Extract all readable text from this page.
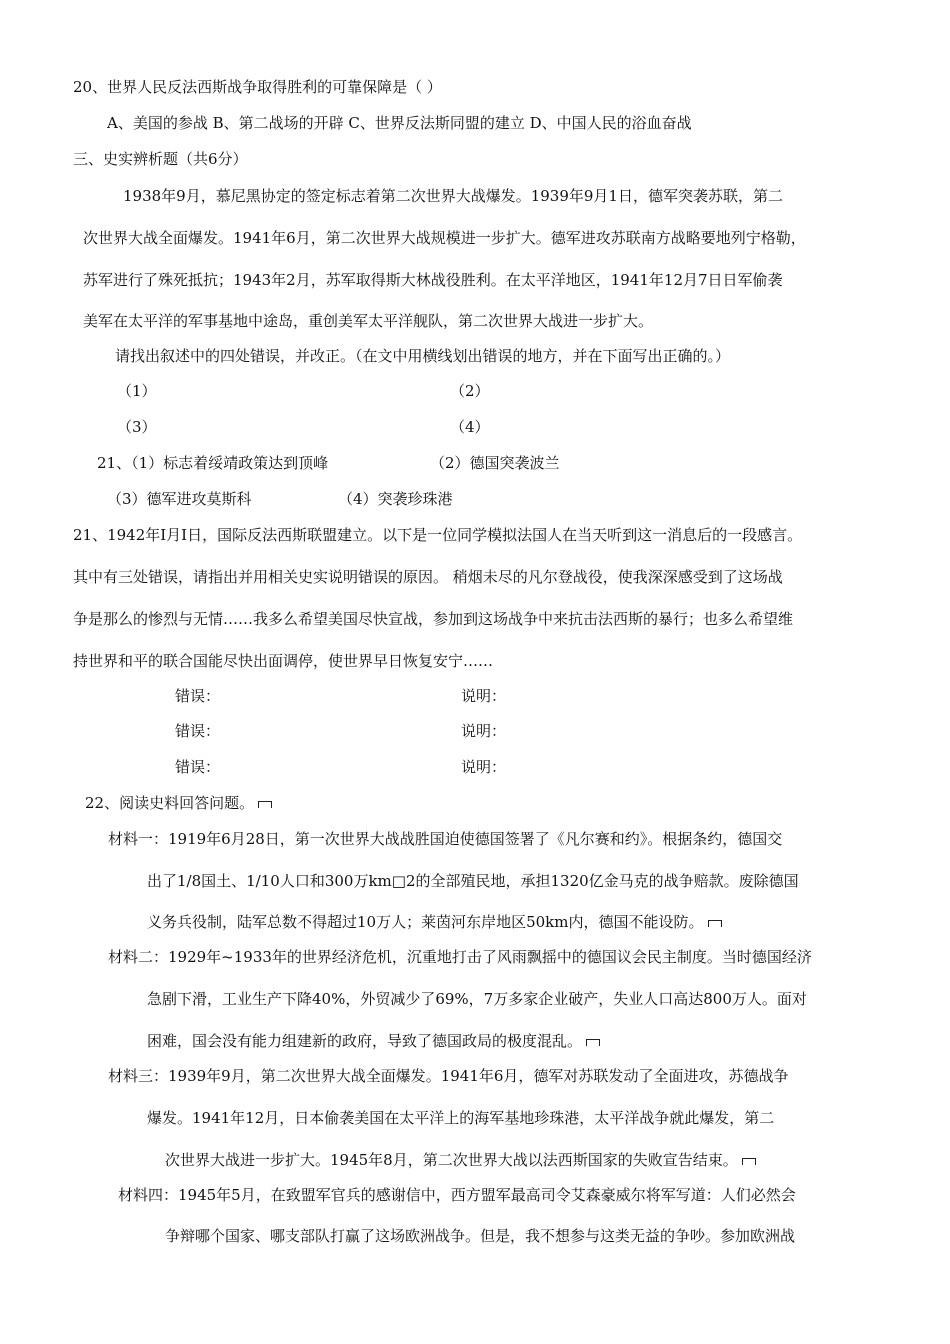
20、世界人民反法西斯战争取得胜利的可靠保障是（ ）
A、美国的参战 B、第二战场的开辟 C、世界反法斯同盟的建立 D、中国人民的浴血奋战
三、史实辨析题（共6分）
1938年9月，慕尼黑协定的签定标志着第二次世界大战爆发。1939年9月1日，德军突袭苏联，第二
次世界大战全面爆发。1941年6月，第二次世界大战规模进一步扩大。德军进攻苏联南方战略要地列宁格勒，
苏军进行了殊死抵抗；1943年2月，苏军取得斯大林战役胜利。在太平洋地区，1941年12月7日日军偷袭
美军在太平洋的军事基地中途岛，重创美军太平洋舰队，第二次世界大战进一步扩大。
请找出叙述中的四处错误，并改正。（在文中用横线划出错误的地方，并在下面写出正确的。）
（1）	（2）
（3）	（4）
21、（1）标志着绥靖政策达到顶峰	（2）德国突袭波兰
（3）德军进攻莫斯科	（4）突袭珍珠港
21、1942年Ⅰ月Ⅰ日，国际反法西斯联盟建立。以下是一位同学模拟法国人在当天听到这一消息后的一段感言。
其中有三处错误，请指出并用相关史实说明错误的原因。 稍烟未尽的凡尔登战役，使我深深感受到了这场战
争是那么的惨烈与无情……我多么希望美国尽快宣战，参加到这场战争中来抗击法西斯的暴行；也多么希望维
持世界和平的联合国能尽快出面调停，使世界早日恢复安宁……
错误：	说明：
错误：	说明：
错误：	说明：
22、阅读史料回答问题。
材料一：1919年6月28日，第一次世界大战战胜国迫使德国签署了《凡尔赛和约》。根据条约，德国交
出了1/8国土、1/10人口和300万km□2的全部殖民地，承担1320亿金马克的战争赔款。废除德国
义务兵役制，陆军总数不得超过10万人；莱茵河东岸地区50km内，德国不能设防。
材料二：1929年~1933年的世界经济危机，沉重地打击了风雨飘摇中的德国议会民主制度。当时德国经济
急剧下滑，工业生产下降40%，外贸减少了69%，7万多家企业破产，失业人口高达800万人。面对
困难，国会没有能力组建新的政府，导致了德国政局的极度混乱。
材料三：1939年9月，第二次世界大战全面爆发。1941年6月，德军对苏联发动了全面进攻，苏德战争
爆发。1941年12月，日本偷袭美国在太平洋上的海军基地珍珠港，太平洋战争就此爆发，第二
次世界大战进一步扩大。1945年8月，第二次世界大战以法西斯国家的失败宣告结束。
材料四：1945年5月，在致盟军官兵的感谢信中，西方盟军最高司令艾森豪威尔将军写道：人们必然会
争辩哪个国家、哪支部队打赢了这场欧洲战争。但是，我不想参与这类无益的争吵。参加欧洲战
